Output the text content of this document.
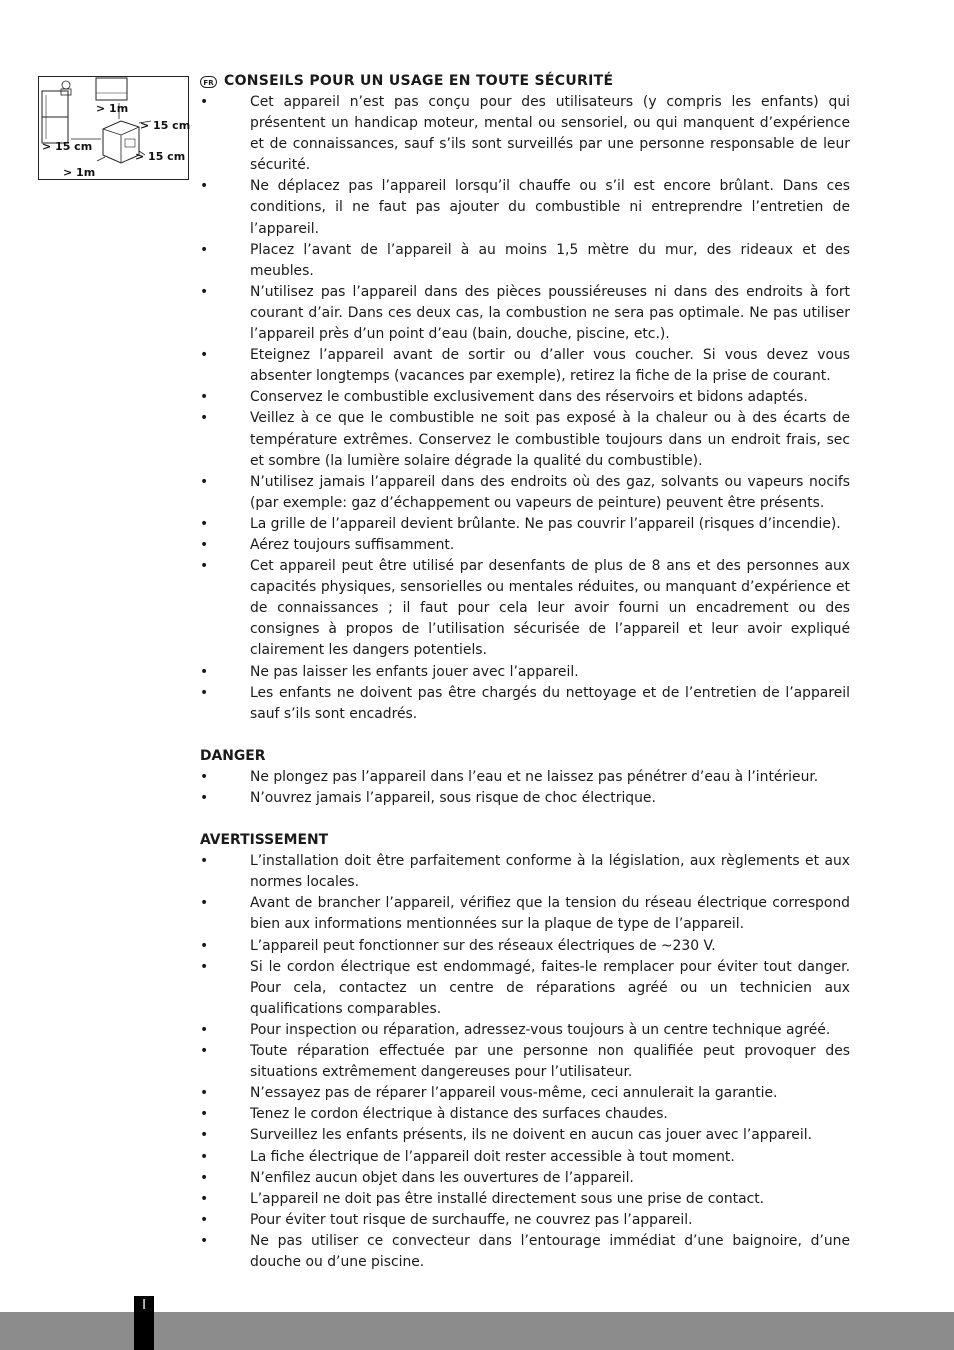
> 1m
> 15 cm
> 15 cm
> 15 cm
> 1m
FR CONSEILS POUR UN USAGE EN TOUTE SÉCURITÉ
• Cet appareil n’est pas conçu pour des utilisateurs (y compris les enfants) qui présentent un handicap moteur, mental ou sensoriel, ou qui manquent d’expérience et de connaissances, sauf s’ils sont surveillés par une personne responsable de leur sécurité.
• Ne déplacez pas l’appareil lorsqu’il chauffe ou s’il est encore brûlant. Dans ces conditions, il ne faut pas ajouter du combustible ni entreprendre l’entretien de l’appareil.
• Placez l’avant de l’appareil à au moins 1,5 mètre du mur, des rideaux et des meubles.
• N’utilisez pas l’appareil dans des pièces poussiéreuses ni dans des endroits à fort courant d’air. Dans ces deux cas, la combustion ne sera pas optimale. Ne pas utiliser l’appareil près d’un point d’eau (bain, douche, piscine, etc.).
• Eteignez l’appareil avant de sortir ou d’aller vous coucher. Si vous devez vous absenter longtemps (vacances par exemple), retirez la fiche de la prise de courant.
• Conservez le combustible exclusivement dans des réservoirs et bidons adaptés.
• Veillez à ce que le combustible ne soit pas exposé à la chaleur ou à des écarts de température extrêmes. Conservez le combustible toujours dans un endroit frais, sec et sombre (la lumière solaire dégrade la qualité du combustible).
• N’utilisez jamais l’appareil dans des endroits où des gaz, solvants ou vapeurs nocifs (par exemple: gaz d’échappement ou vapeurs de peinture) peuvent être présents.
• La grille de l’appareil devient brûlante. Ne pas couvrir l’appareil (risques d’incendie).
• Aérez toujours suffisamment.
• Cet appareil peut être utilisé par desenfants de plus de 8 ans et des personnes aux capacités physiques, sensorielles ou mentales réduites, ou manquant d’expérience et de connaissances ; il faut pour cela leur avoir fourni un encadrement ou des consignes à propos de l’utilisation sécurisée de l’appareil et leur avoir expliqué clairement les dangers potentiels.
• Ne pas laisser les enfants jouer avec l’appareil.
• Les enfants ne doivent pas être chargés du nettoyage et de l’entretien de l’appareil sauf s’ils sont encadrés.
DANGER
• Ne plongez pas l’appareil dans l’eau et ne laissez pas pénétrer d’eau à l’intérieur.
• N’ouvrez jamais l’appareil, sous risque de choc électrique.
AVERTISSEMENT
• L’installation doit être parfaitement conforme à la législation, aux règlements et aux normes locales.
• Avant de brancher l’appareil, vérifiez que la tension du réseau électrique correspond bien aux informations mentionnées sur la plaque de type de l’appareil.
• L’appareil peut fonctionner sur des réseaux électriques de ~230 V.
• Si le cordon électrique est endommagé, faites-le remplacer pour éviter tout danger. Pour cela, contactez un centre de réparations agréé ou un technicien aux qualifications comparables.
• Pour inspection ou réparation, adressez-vous toujours à un centre technique agréé.
• Toute réparation effectuée par une personne non qualifiée peut provoquer des situations extrêmement dangereuses pour l’utilisateur.
• N’essayez pas de réparer l’appareil vous-même, ceci annulerait la garantie.
• Tenez le cordon électrique à distance des surfaces chaudes.
• Surveillez les enfants présents, ils ne doivent en aucun cas jouer avec l’appareil.
• La fiche électrique de l’appareil doit rester accessible à tout moment.
• N’enfilez aucun objet dans les ouvertures de l’appareil.
• L’appareil ne doit pas être installé directement sous une prise de contact.
• Pour éviter tout risque de surchauffe, ne couvrez pas l’appareil.
• Ne pas utiliser ce convecteur dans l’entourage immédiat d’une baignoire, d’une douche ou d’une piscine.
I
